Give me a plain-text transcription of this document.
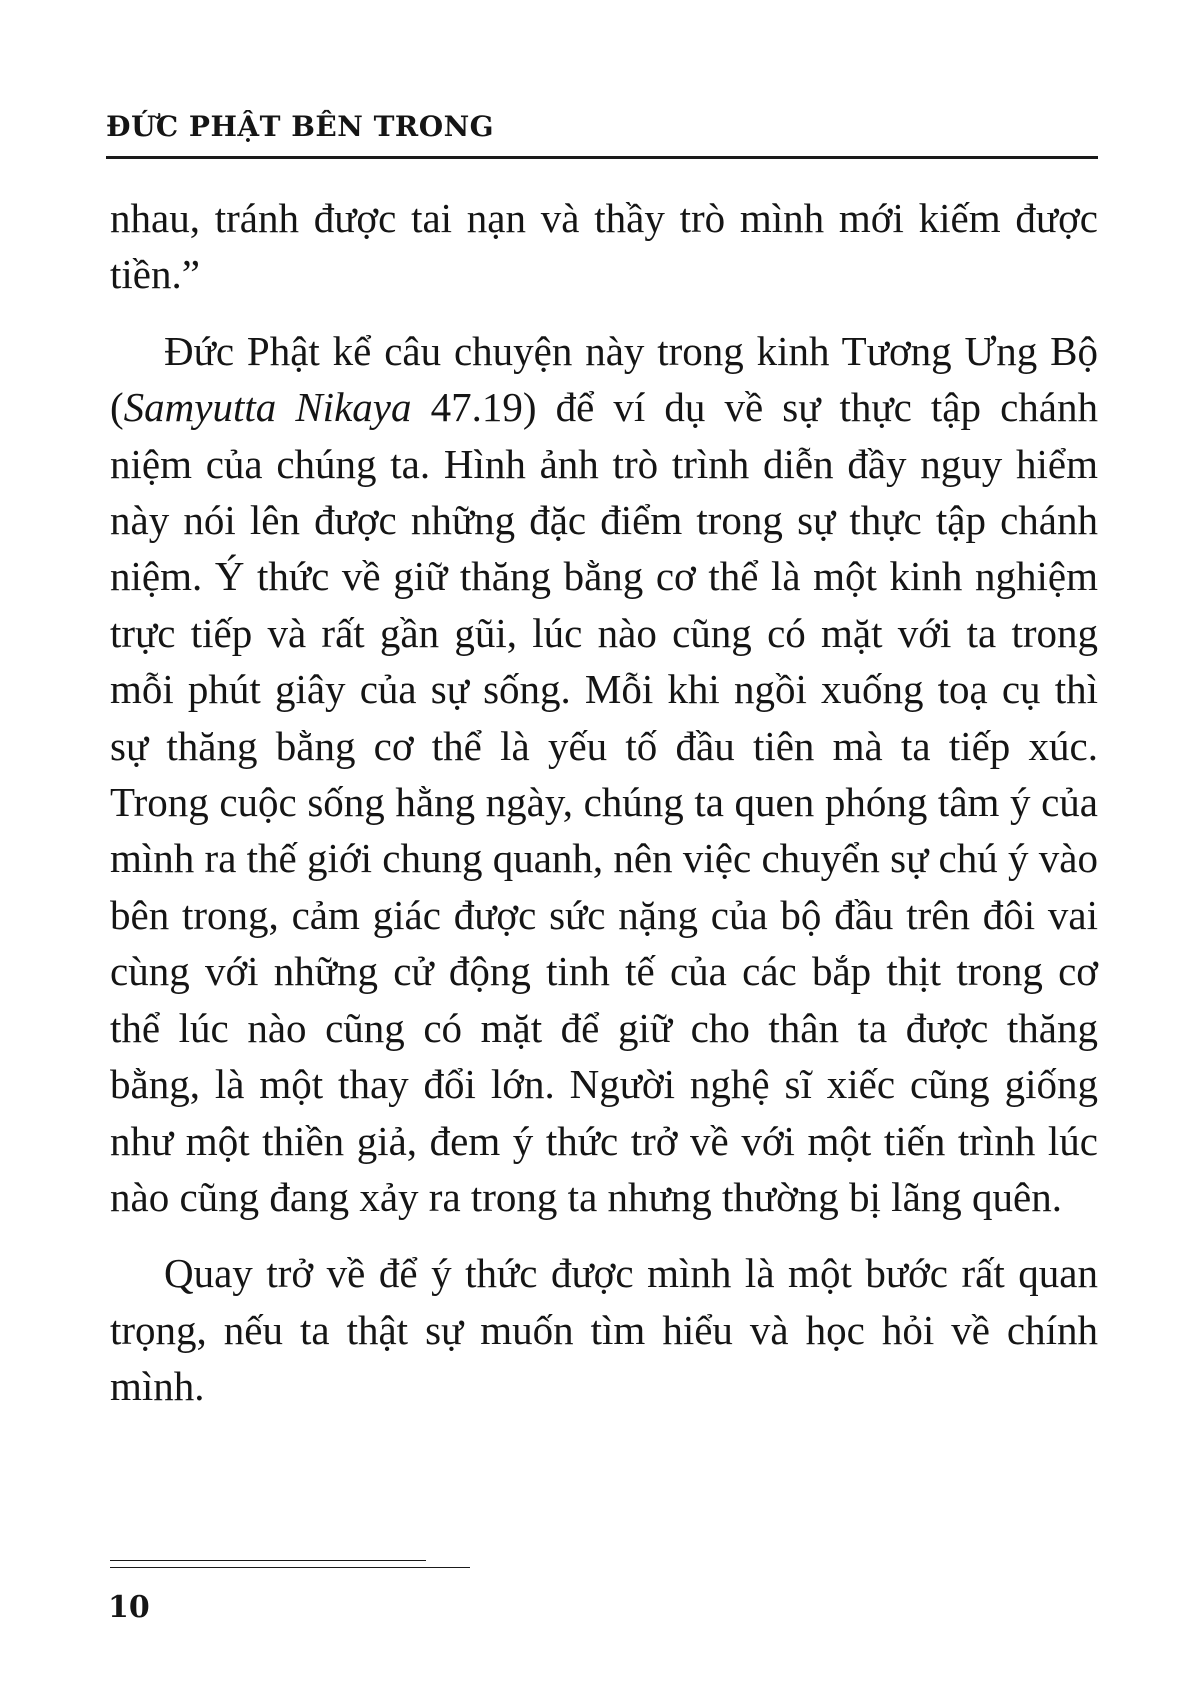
ĐỨC PHẬT BÊN TRONG

nhau, tránh được tai nạn và thầy trò mình mới kiếm được tiền.”

Đức Phật kể câu chuyện này trong kinh Tương Ưng Bộ (Samyutta Nikaya 47.19) để ví dụ về sự thực tập chánh niệm của chúng ta. Hình ảnh trò trình diễn đầy nguy hiểm này nói lên được những đặc điểm trong sự thực tập chánh niệm. Ý thức về giữ thăng bằng cơ thể là một kinh nghiệm trực tiếp và rất gần gũi, lúc nào cũng có mặt với ta trong mỗi phút giây của sự sống. Mỗi khi ngồi xuống toạ cụ thì sự thăng bằng cơ thể là yếu tố đầu tiên mà ta tiếp xúc. Trong cuộc sống hằng ngày, chúng ta quen phóng tâm ý của mình ra thế giới chung quanh, nên việc chuyển sự chú ý vào bên trong, cảm giác được sức nặng của bộ đầu trên đôi vai cùng với những cử động tinh tế của các bắp thịt trong cơ thể lúc nào cũng có mặt để giữ cho thân ta được thăng bằng, là một thay đổi lớn. Người nghệ sĩ xiếc cũng giống như một thiền giả, đem ý thức trở về với một tiến trình lúc nào cũng đang xảy ra trong ta nhưng thường bị lãng quên.

Quay trở về để ý thức được mình là một bước rất quan trọng, nếu ta thật sự muốn tìm hiểu và học hỏi về chính mình.

10
